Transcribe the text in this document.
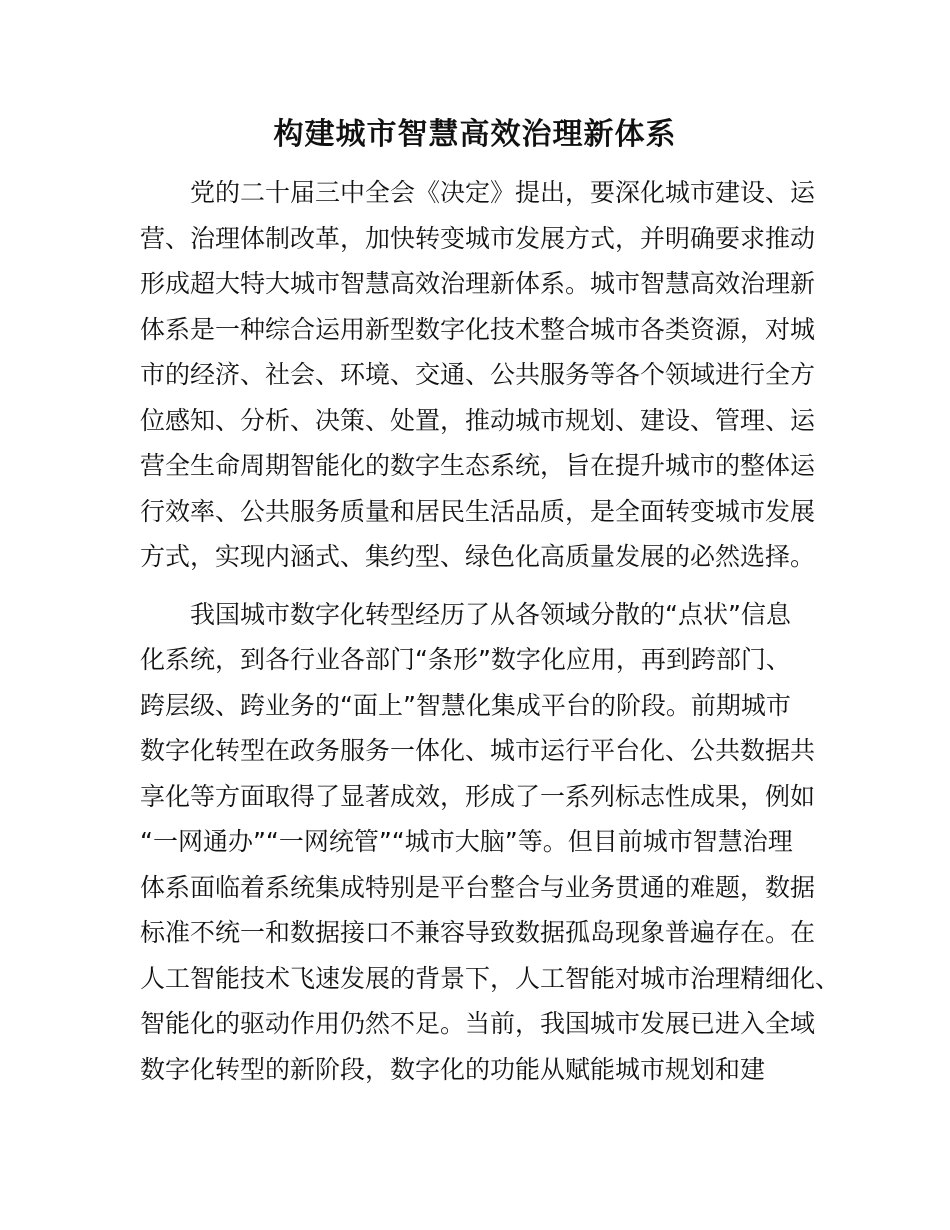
构建城市智慧高效治理新体系

党的二十届三中全会《决定》提出，要深化城市建设、运
营、治理体制改革，加快转变城市发展方式，并明确要求推动
形成超大特大城市智慧高效治理新体系。城市智慧高效治理新
体系是一种综合运用新型数字化技术整合城市各类资源，对城
市的经济、社会、环境、交通、公共服务等各个领域进行全方
位感知、分析、决策、处置，推动城市规划、建设、管理、运
营全生命周期智能化的数字生态系统，旨在提升城市的整体运
行效率、公共服务质量和居民生活品质，是全面转变城市发展
方式，实现内涵式、集约型、绿色化高质量发展的必然选择。

我国城市数字化转型经历了从各领域分散的“点状”信息
化系统，到各行业各部门“条形”数字化应用，再到跨部门、
跨层级、跨业务的“面上”智慧化集成平台的阶段。前期城市
数字化转型在政务服务一体化、城市运行平台化、公共数据共
享化等方面取得了显著成效，形成了一系列标志性成果，例如
“一网通办”“一网统管”“城市大脑”等。但目前城市智慧治理
体系面临着系统集成特别是平台整合与业务贯通的难题，数据
标准不统一和数据接口不兼容导致数据孤岛现象普遍存在。在
人工智能技术飞速发展的背景下，人工智能对城市治理精细化、
智能化的驱动作用仍然不足。当前，我国城市发展已进入全域
数字化转型的新阶段，数字化的功能从赋能城市规划和建
